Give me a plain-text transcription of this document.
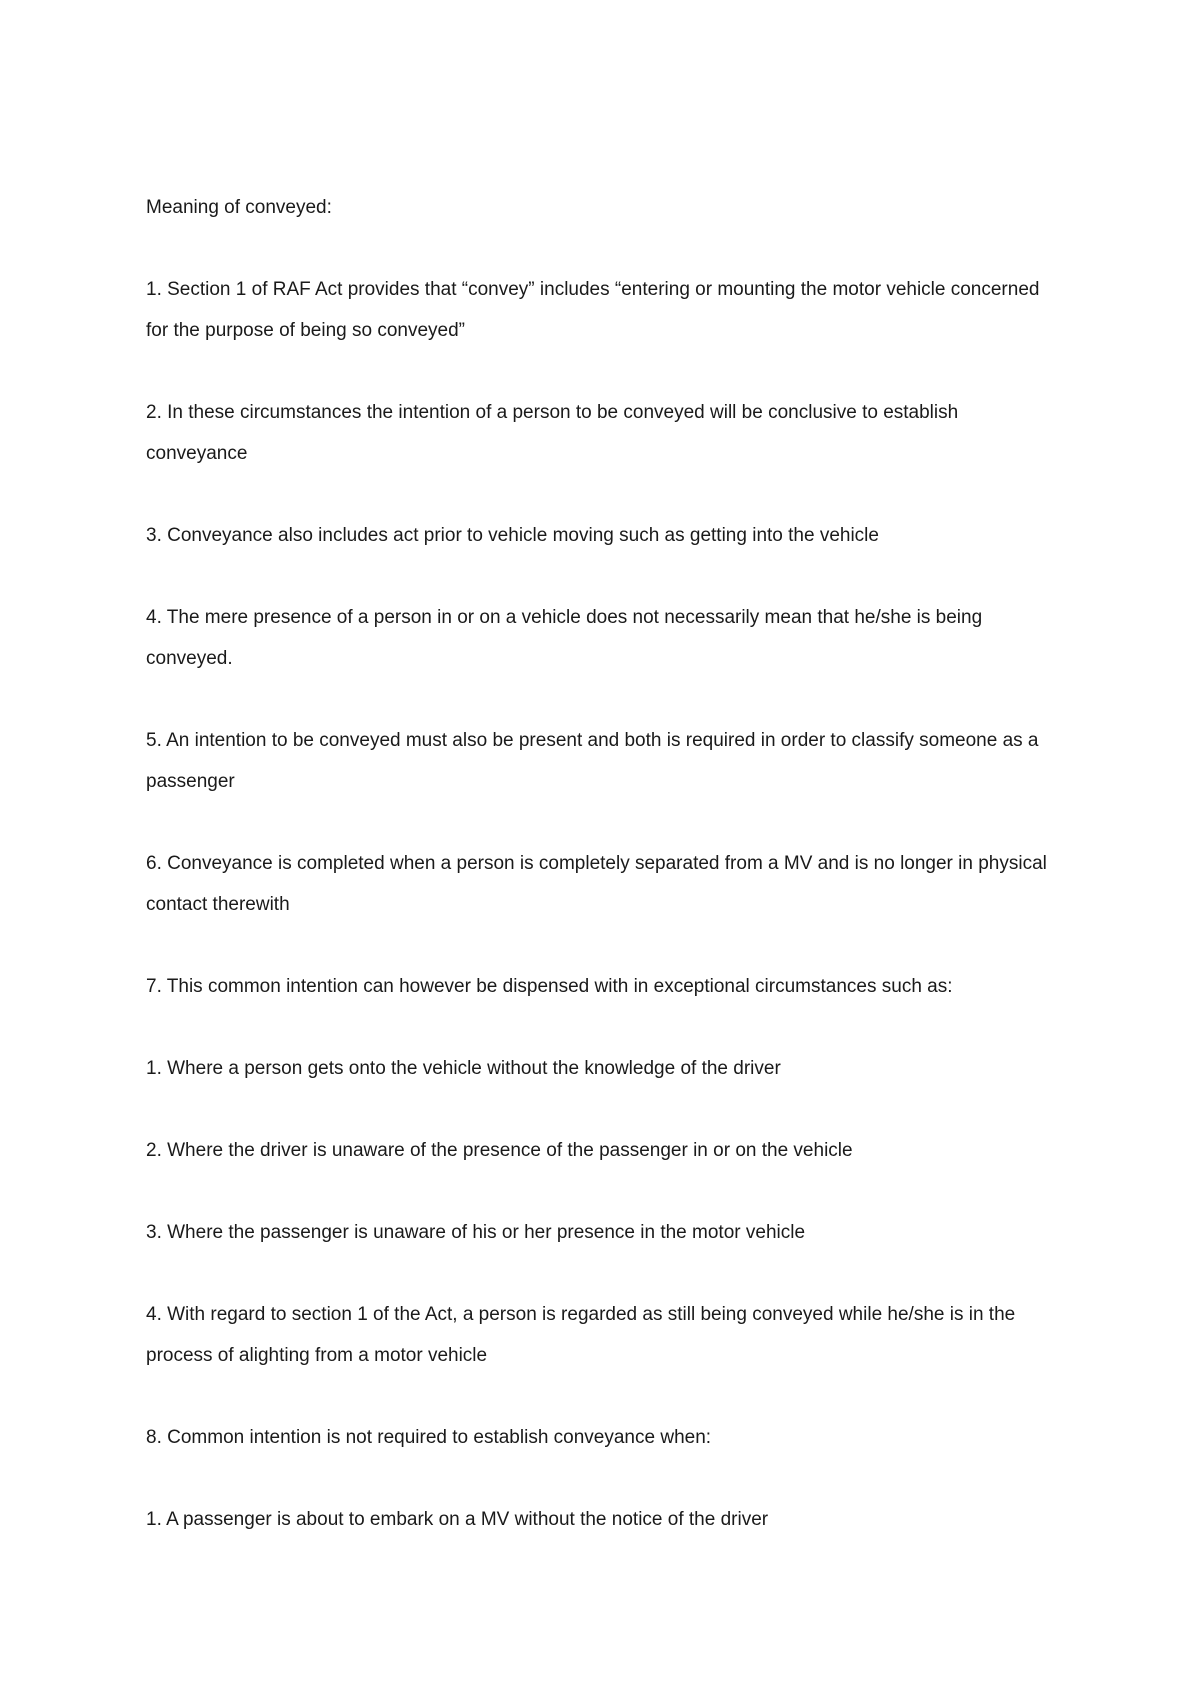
Meaning of conveyed:

1. Section 1 of RAF Act provides that “convey” includes “entering or mounting the motor vehicle concerned for the purpose of being so conveyed”

2. In these circumstances the intention of a person to be conveyed will be conclusive to establish conveyance

3. Conveyance also includes act prior to vehicle moving such as getting into the vehicle

4. The mere presence of a person in or on a vehicle does not necessarily mean that he/she is being conveyed.

5. An intention to be conveyed must also be present and both is required in order to classify someone as a passenger

6. Conveyance is completed when a person is completely separated from a MV and is no longer in physical contact therewith

7. This common intention can however be dispensed with in exceptional circumstances such as:

1. Where a person gets onto the vehicle without the knowledge of the driver

2. Where the driver is unaware of the presence of the passenger in or on the vehicle

3. Where the passenger is unaware of his or her presence in the motor vehicle

4. With regard to section 1 of the Act, a person is regarded as still being conveyed while he/she is in the process of alighting from a motor vehicle

8. Common intention is not required to establish conveyance when:

1. A passenger is about to embark on a MV without the notice of the driver
